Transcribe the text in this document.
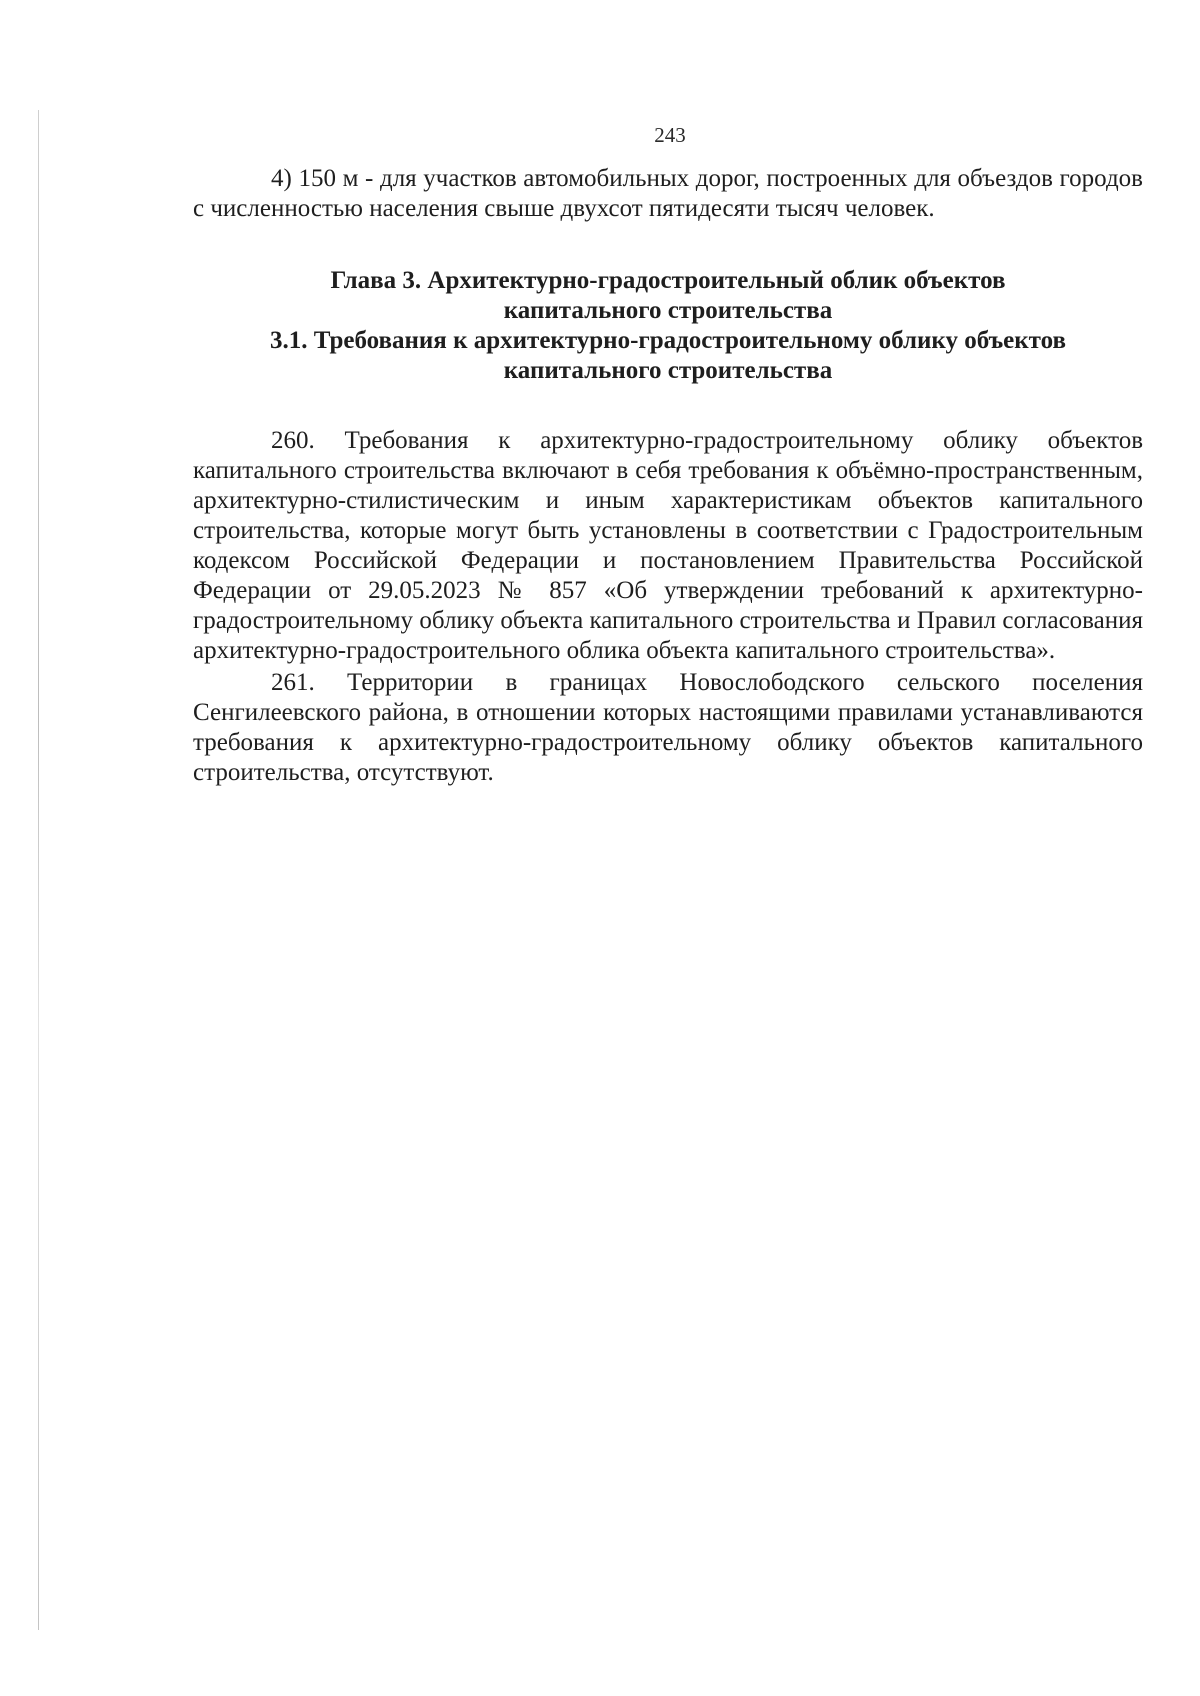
243

4) 150 м - для участков автомобильных дорог, построенных для объездов городов с численностью населения свыше двухсот пятидесяти тысяч человек.

Глава 3. Архитектурно-градостроительный облик объектов
капитального строительства

3.1. Требования к архитектурно-градостроительному облику объектов
капитального строительства

260. Требования к архитектурно-градостроительному облику объектов капитального строительства включают в себя требования к объёмно-пространственным, архитектурно-стилистическим и иным характеристикам объектов капитального строительства, которые могут быть установлены в соответствии с Градостроительным кодексом Российской Федерации и постановлением Правительства Российской Федерации от 29.05.2023 № 857 «Об утверждении требований к архитектурно-градостроительному облику объекта капитального строительства и Правил согласования архитектурно-градостроительного облика объекта капитального строительства».

261. Территории в границах Новослободского сельского поселения Сенгилеевского района, в отношении которых настоящими правилами устанавливаются требования к архитектурно-градостроительному облику объектов капитального строительства, отсутствуют.
